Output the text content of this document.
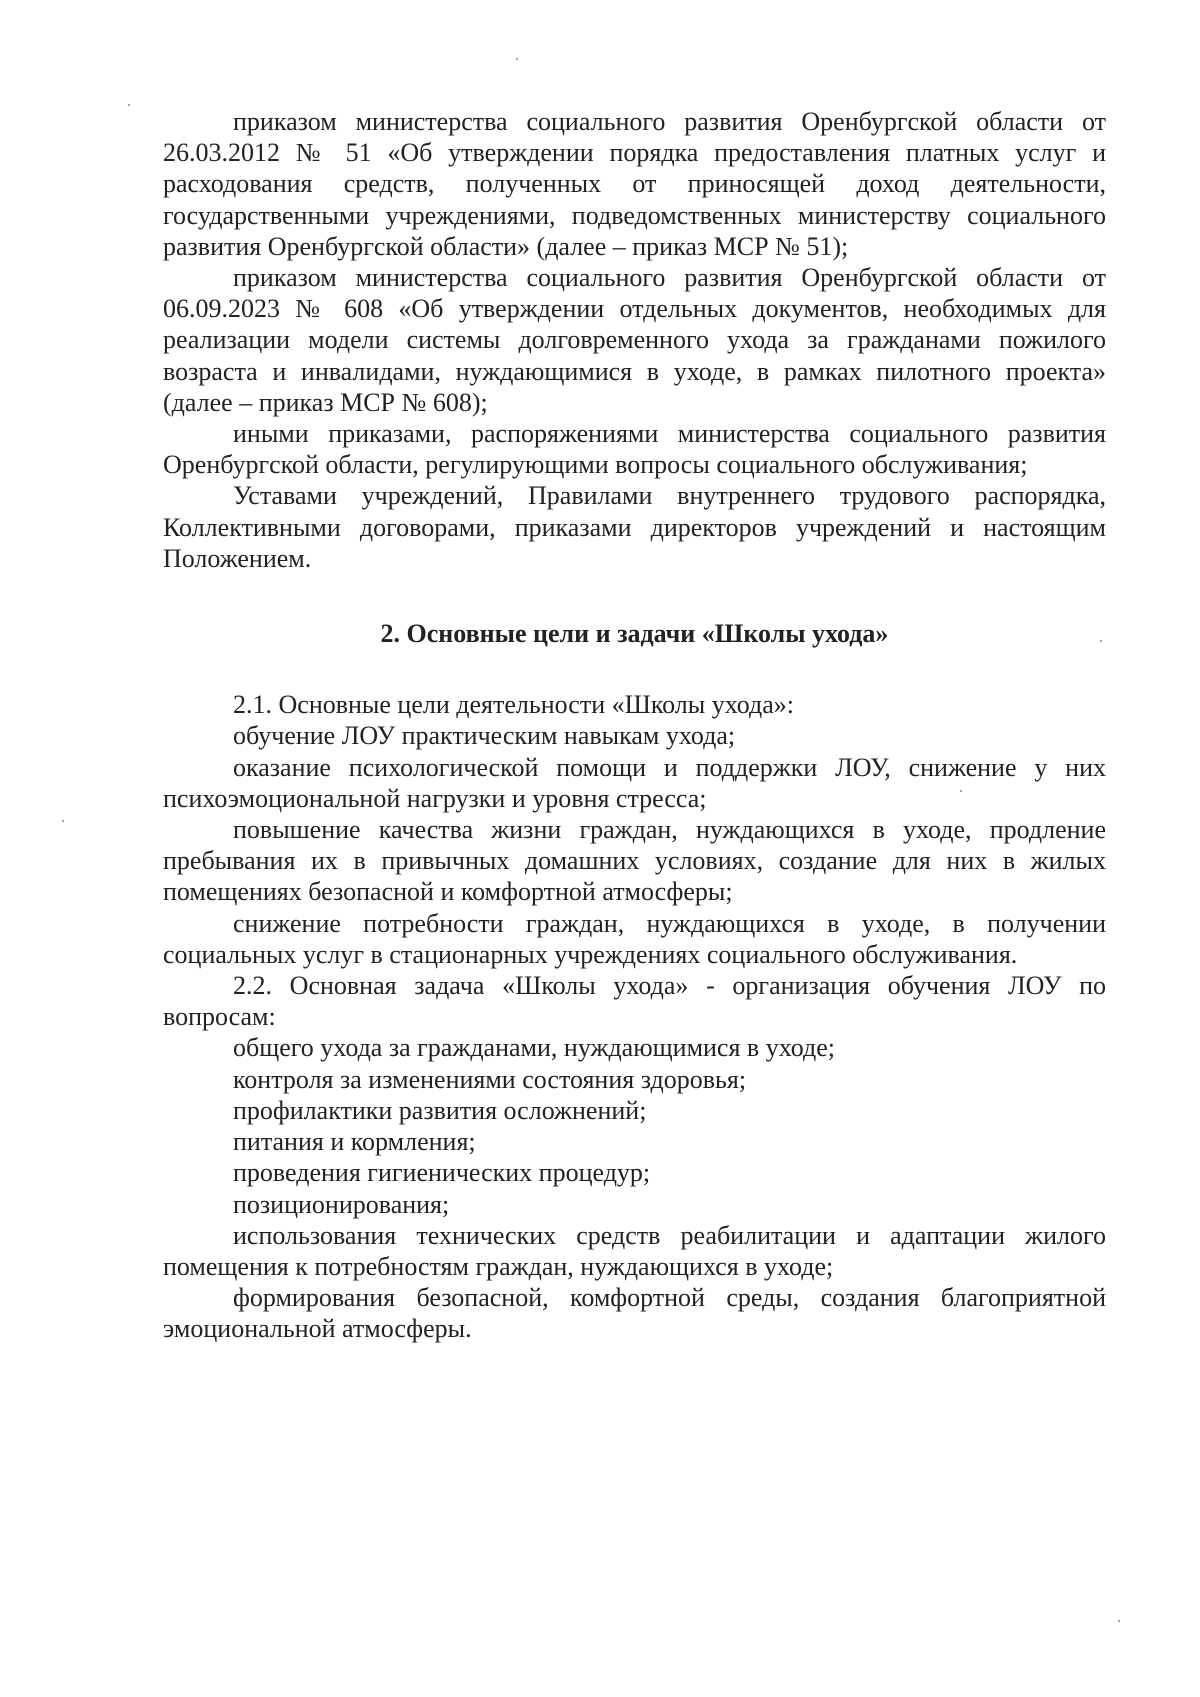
приказом министерства социального развития Оренбургской области от 26.03.2012 № 51 «Об утверждении порядка предоставления платных услуг и расходования средств, полученных от приносящей доход деятельности, государственными учреждениями, подведомственных министерству социального развития Оренбургской области» (далее – приказ МСР № 51);

приказом министерства социального развития Оренбургской области от 06.09.2023 № 608 «Об утверждении отдельных документов, необходимых для реализации модели системы долговременного ухода за гражданами пожилого возраста и инвалидами, нуждающимися в уходе, в рамках пилотного проекта» (далее – приказ МСР № 608);

иными приказами, распоряжениями министерства социального развития Оренбургской области, регулирующими вопросы социального обслуживания;

Уставами учреждений, Правилами внутреннего трудового распорядка, Коллективными договорами, приказами директоров учреждений и настоящим Положением.

2. Основные цели и задачи «Школы ухода»

2.1. Основные цели деятельности «Школы ухода»:

обучение ЛОУ практическим навыкам ухода;

оказание психологической помощи и поддержки ЛОУ, снижение у них психоэмоциональной нагрузки и уровня стресса;

повышение качества жизни граждан, нуждающихся в уходе, продление пребывания их в привычных домашних условиях, создание для них в жилых помещениях безопасной и комфортной атмосферы;

снижение потребности граждан, нуждающихся в уходе, в получении социальных услуг в стационарных учреждениях социального обслуживания.

2.2. Основная задача «Школы ухода» - организация обучения ЛОУ по вопросам:

общего ухода за гражданами, нуждающимися в уходе;

контроля за изменениями состояния здоровья;

профилактики развития осложнений;

питания и кормления;

проведения гигиенических процедур;

позиционирования;

использования технических средств реабилитации и адаптации жилого помещения к потребностям граждан, нуждающихся в уходе;

формирования безопасной, комфортной среды, создания благоприятной эмоциональной атмосферы.
